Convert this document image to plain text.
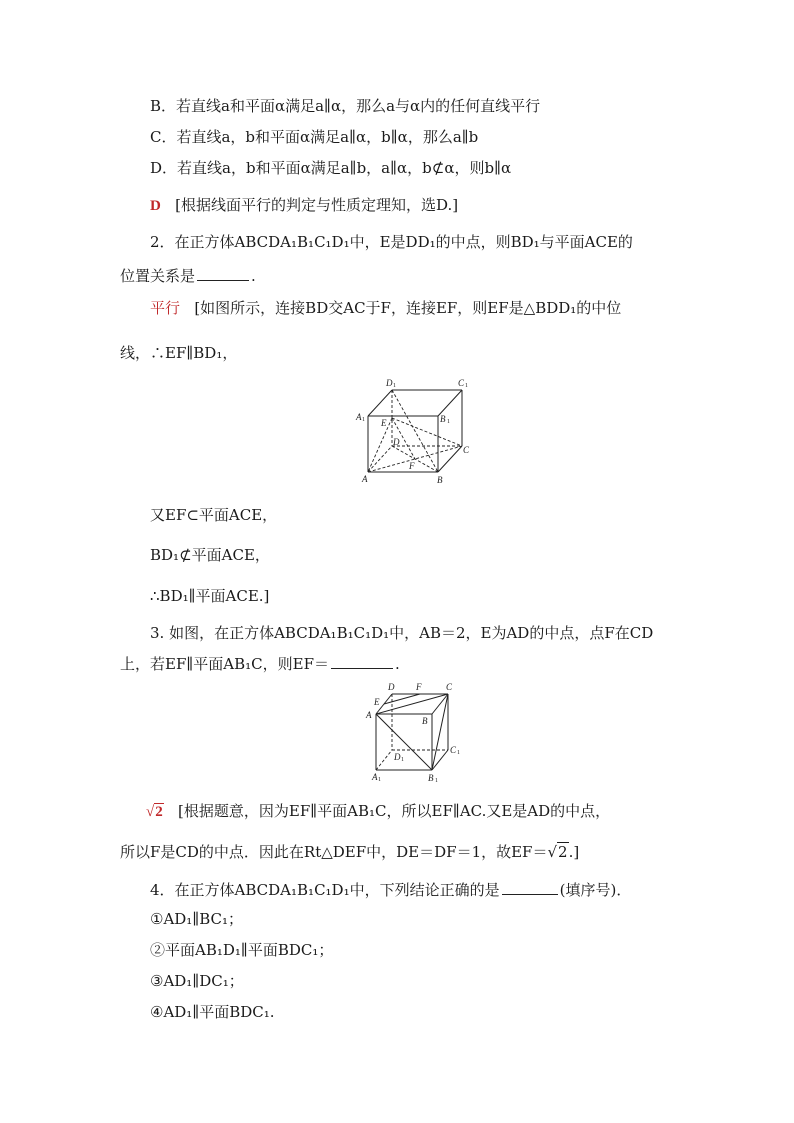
B．若直线a和平面α满足a∥α，那么a与α内的任何直线平行
C．若直线a，b和平面α满足a∥α，b∥α，那么a∥b
D．若直线a，b和平面α满足a∥b，a∥α，b⊄α，则b∥α
D [根据线面平行的判定与性质定理知，选D.]
2．在正方体ABCDA₁B₁C₁D₁中，E是DD₁的中点，则BD₁与平面ACE的
位置关系是	.
平行 [如图所示，连接BD交AC于F，连接EF，则EF是△BDD₁的中位
线，∴EF∥BD₁，
D 1	C 1
A 1	B 1
E
D
C
F
A	B
又EF⊂平面ACE，
BD₁⊄平面ACE，
∴BD₁∥平面ACE.]
3. 如图，在正方体ABCDA₁B₁C₁D₁中，AB＝2，E为AD的中点，点F在CD
上，若EF∥平面AB₁C，则EF＝	.
D F	C
E
A
B
D 1
C 1
A 1	B 1
√2 [根据题意，因为EF∥平面AB₁C，所以EF∥AC.又E是AD的中点，
所以F是CD的中点．因此在Rt△DEF中，DE＝DF＝1，故EF＝√2.]
4．在正方体ABCDA₁B₁C₁D₁中，下列结论正确的是	(填序号)．
①AD₁∥BC₁；
②平面AB₁D₁∥平面BDC₁；
③AD₁∥DC₁；
④AD₁∥平面BDC₁.
